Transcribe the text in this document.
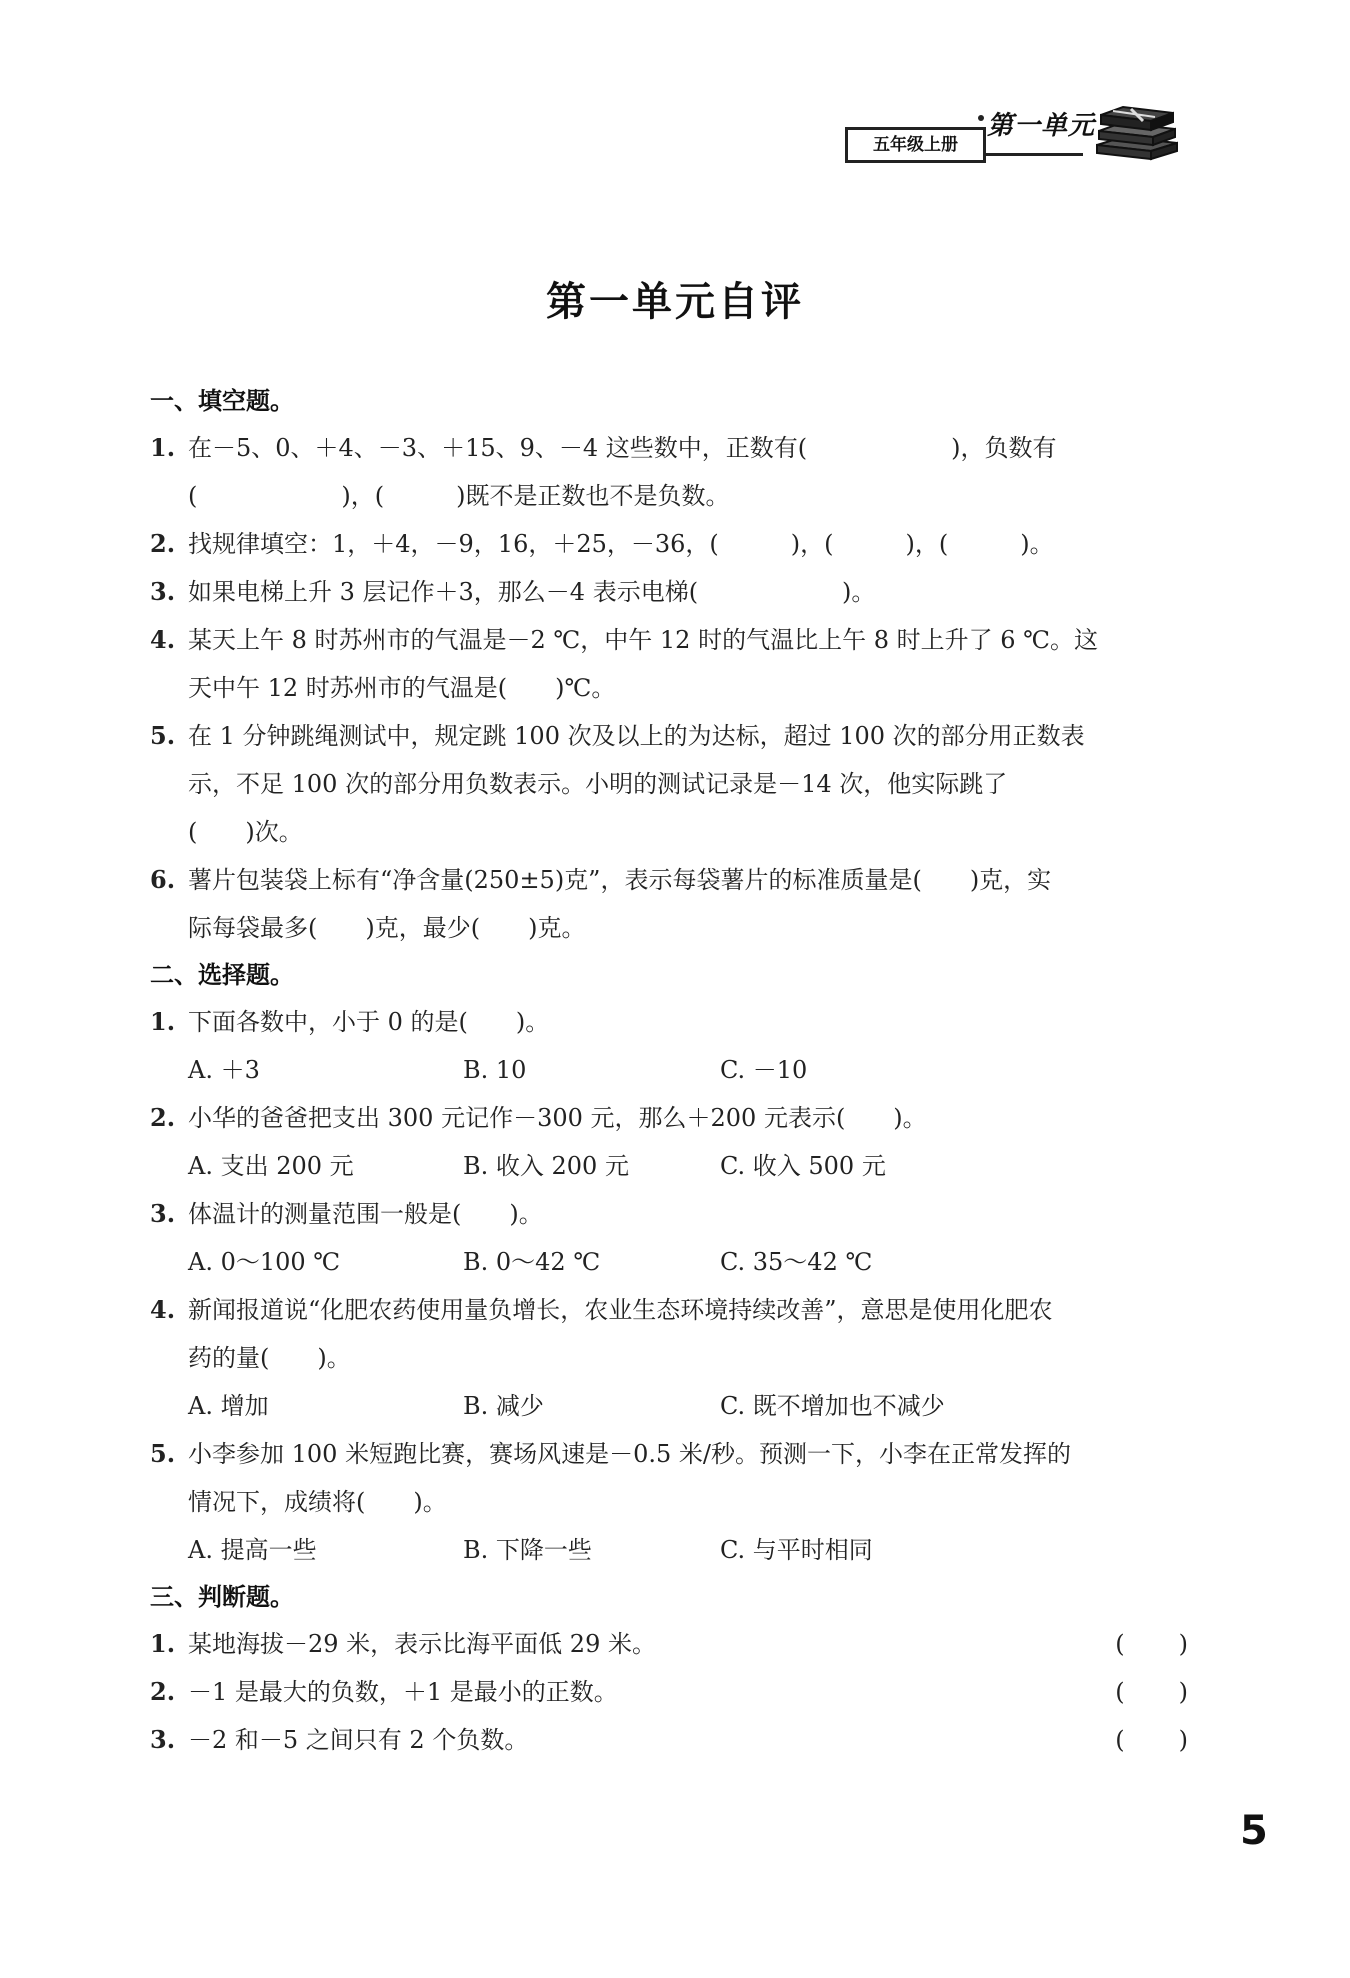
五年级上册
第一单元
第一单元自评
一、填空题。
1. 在－5、0、＋4、－3、＋15、9、－4 这些数中，正数有(　　　　　　)，负数有
(　　　　　　)，(　　　)既不是正数也不是负数。
2. 找规律填空：1，＋4，－9，16，＋25，－36，(　　　)，(　　　)，(　　　)。
3. 如果电梯上升 3 层记作＋3，那么－4 表示电梯(　　　　　　)。
4. 某天上午 8 时苏州市的气温是－2 ℃，中午 12 时的气温比上午 8 时上升了 6 ℃。这
天中午 12 时苏州市的气温是(　　)℃。
5. 在 1 分钟跳绳测试中，规定跳 100 次及以上的为达标，超过 100 次的部分用正数表
示，不足 100 次的部分用负数表示。小明的测试记录是－14 次，他实际跳了
(　　)次。
6. 薯片包装袋上标有“净含量(250±5)克”，表示每袋薯片的标准质量是(　　)克，实
际每袋最多(　　)克，最少(　　)克。
二、选择题。
1. 下面各数中，小于 0 的是(　　)。
A. ＋3	B. 10	C. －10
2. 小华的爸爸把支出 300 元记作－300 元，那么＋200 元表示(　　)。
A. 支出 200 元	B. 收入 200 元	C. 收入 500 元
3. 体温计的测量范围一般是(　　)。
A. 0～100 ℃	B. 0～42 ℃	C. 35～42 ℃
4. 新闻报道说“化肥农药使用量负增长，农业生态环境持续改善”，意思是使用化肥农
药的量(　　)。
A. 增加	B. 减少	C. 既不增加也不减少
5. 小李参加 100 米短跑比赛，赛场风速是－0.5 米/秒。预测一下，小李在正常发挥的
情况下，成绩将(　　)。
A. 提高一些	B. 下降一些	C. 与平时相同
三、判断题。
1. 某地海拔－29 米，表示比海平面低 29 米。	(　　)
2. －1 是最大的负数，＋1 是最小的正数。	(　　)
3. －2 和－5 之间只有 2 个负数。	(　　)
5
